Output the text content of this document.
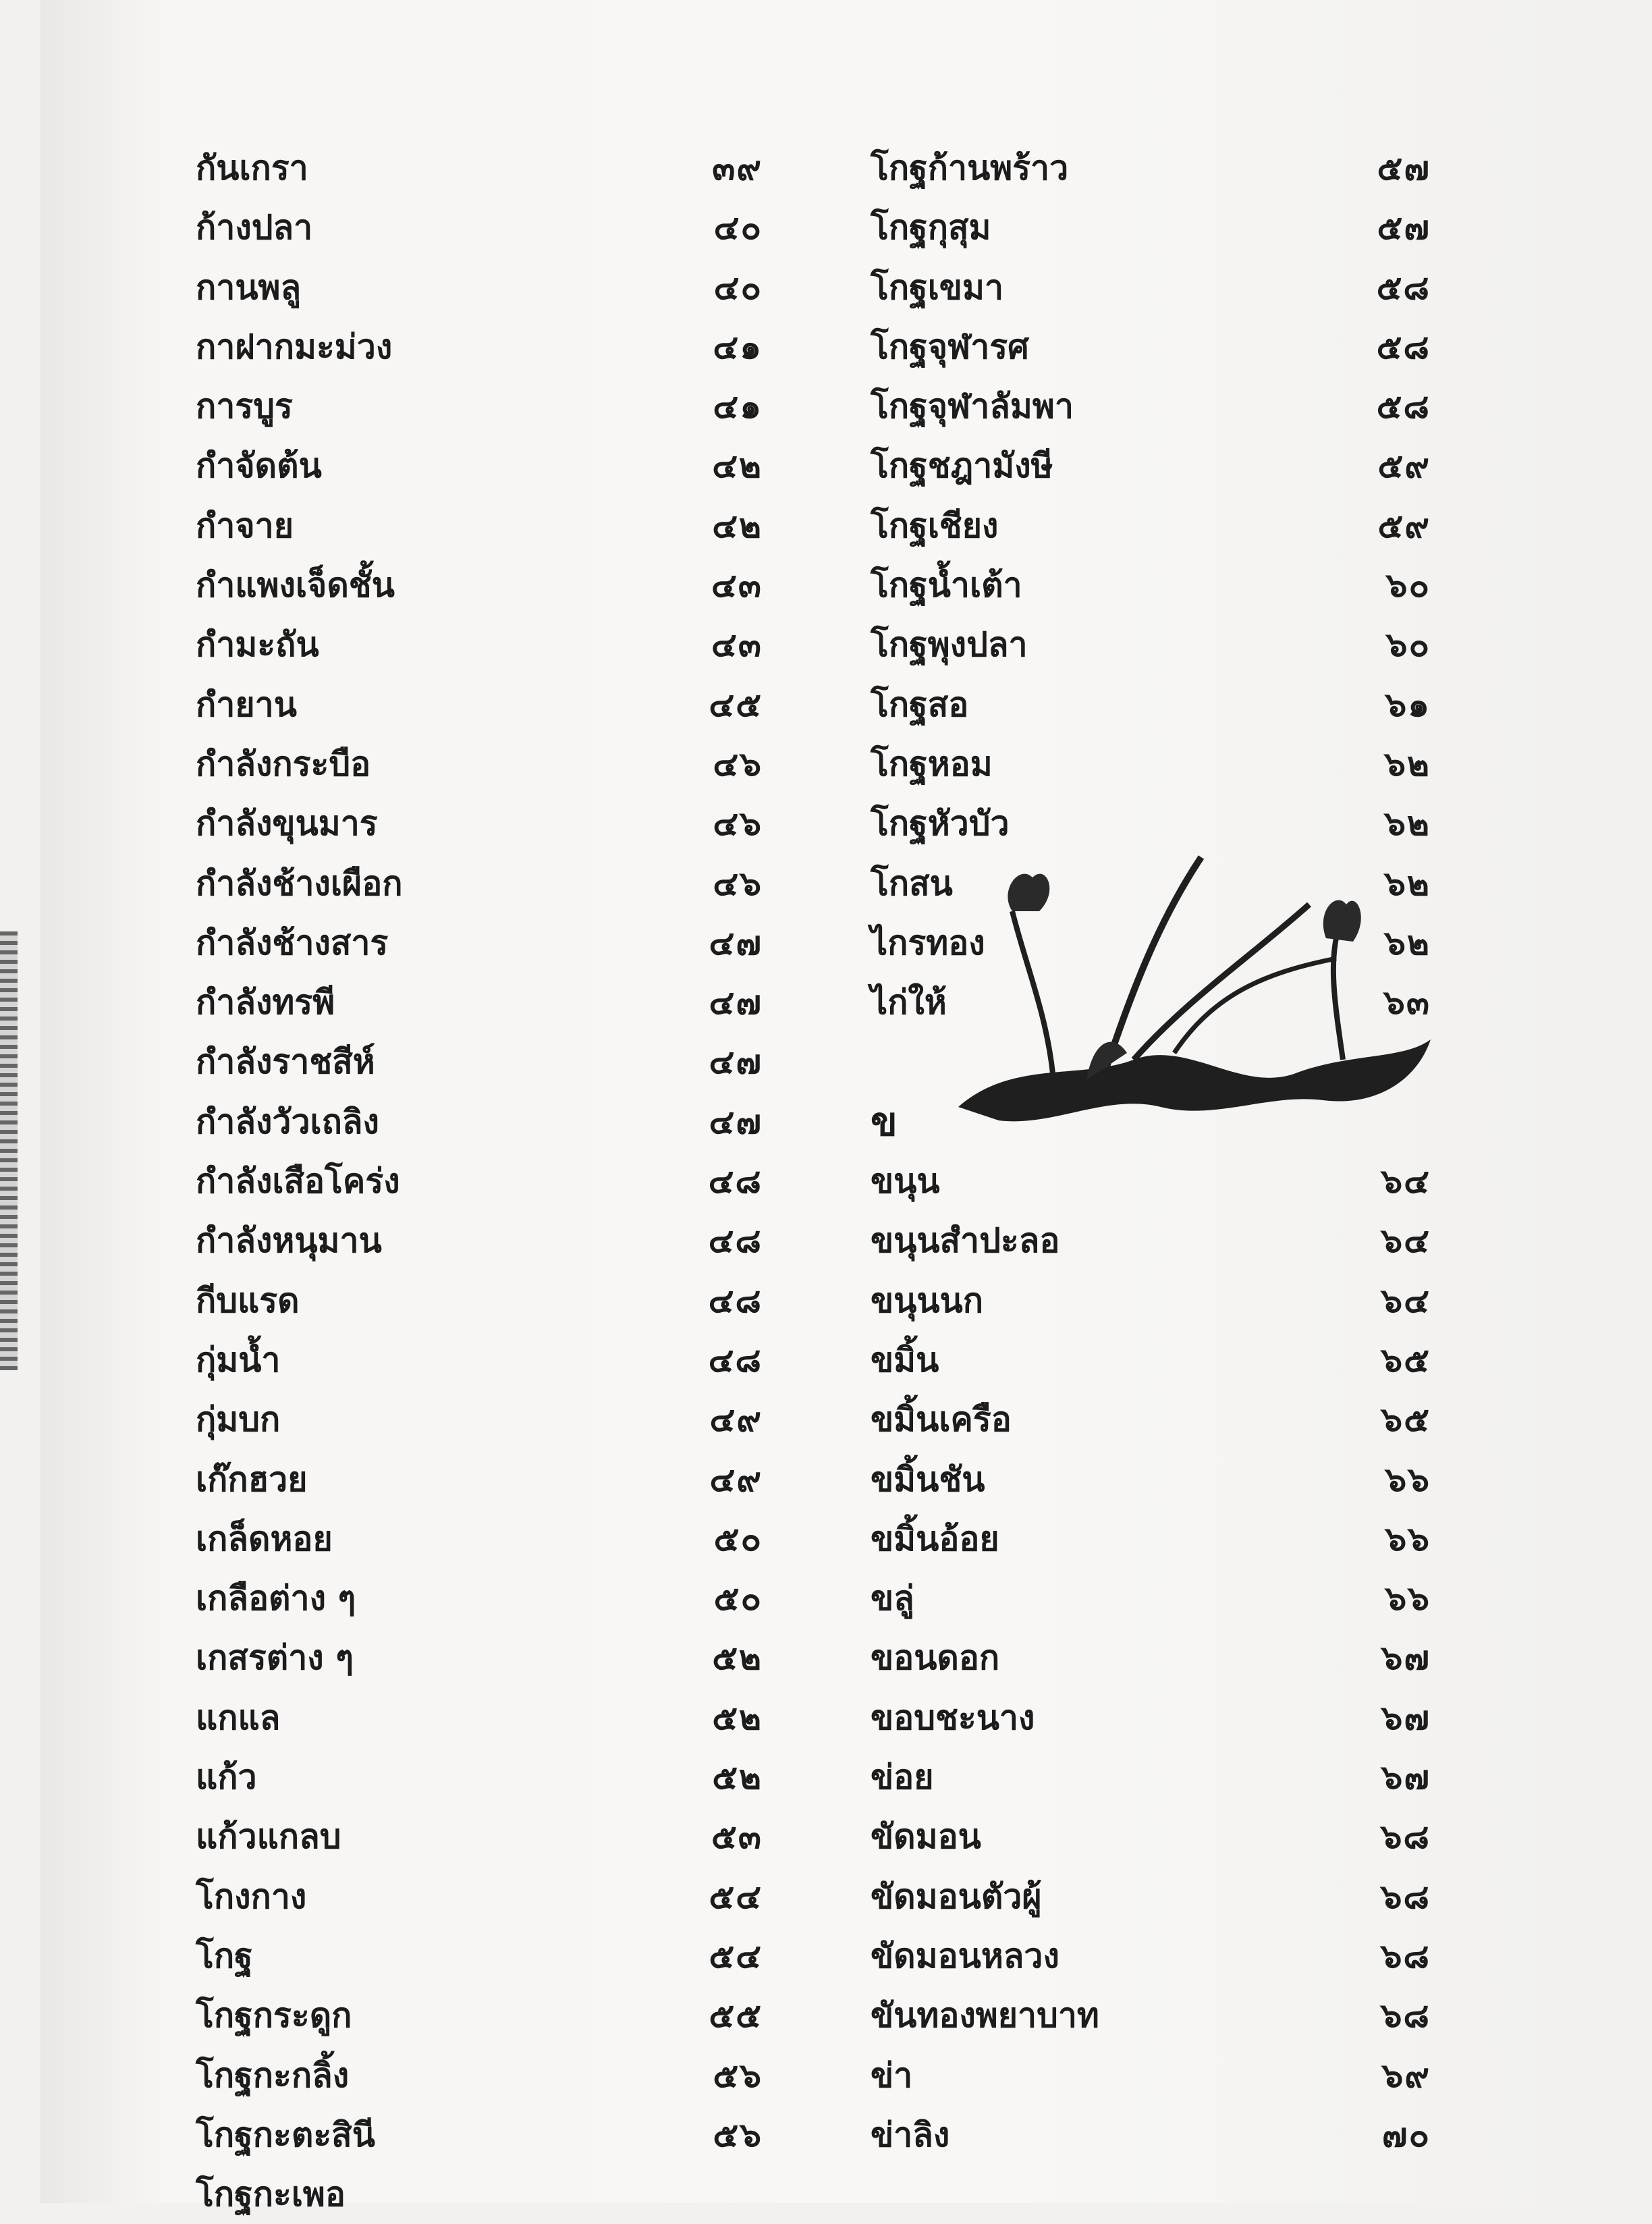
กันเกรา	๓๙
ก้างปลา	๔๐
กานพลู	๔๐
กาฝากมะม่วง	๔๑
การบูร	๔๑
กำจัดต้น	๔๒
กำจาย	๔๒
กำแพงเจ็ดชั้น	๔๓
กำมะถัน	๔๓
กำยาน	๔๕
กำลังกระบือ	๔๖
กำลังขุนมาร	๔๖
กำลังช้างเผือก	๔๖
กำลังช้างสาร	๔๗
กำลังทรพี	๔๗
กำลังราชสีห์	๔๗
กำลังวัวเถลิง	๔๗
กำลังเสือโคร่ง	๔๘
กำลังหนุมาน	๔๘
กีบแรด	๔๘
กุ่มน้ำ	๔๘
กุ่มบก	๔๙
เก๊กฮวย	๔๙
เกล็ดหอย	๕๐
เกลือต่าง ๆ	๕๐
เกสรต่าง ๆ	๕๒
แกแล	๕๒
แก้ว	๕๒
แก้วแกลบ	๕๓
โกงกาง	๕๔
โกฐ	๕๔
โกฐกระดูก	๕๕
โกฐกะกลิ้ง	๕๖
โกฐกะตะสินี	๕๖
โกฐกะเพอ
โกฐก้านพร้าว	๕๗
โกฐกุสุม	๕๗
โกฐเขมา	๕๘
โกฐจุฬารศ	๕๘
โกฐจุฬาลัมพา	๕๘
โกฐชฎามังษี	๕๙
โกฐเชียง	๕๙
โกฐน้ำเต้า	๖๐
โกฐพุงปลา	๖๐
โกฐสอ	๖๑
โกฐหอม	๖๒
โกฐหัวบัว	๖๒
โกสน	๖๒
ไกรทอง	๖๒
ไก่ให้	๖๓
ข
ขนุน	๖๔
ขนุนสำปะลอ	๖๔
ขนุนนก	๖๔
ขมิ้น	๖๕
ขมิ้นเครือ	๖๕
ขมิ้นชัน	๖๖
ขมิ้นอ้อย	๖๖
ขลู่	๖๖
ขอนดอก	๖๗
ขอบชะนาง	๖๗
ข่อย	๖๗
ขัดมอน	๖๘
ขัดมอนตัวผู้	๖๘
ขัดมอนหลวง	๖๘
ขันทองพยาบาท	๖๘
ข่า	๖๙
ข่าลิง	๗๐
